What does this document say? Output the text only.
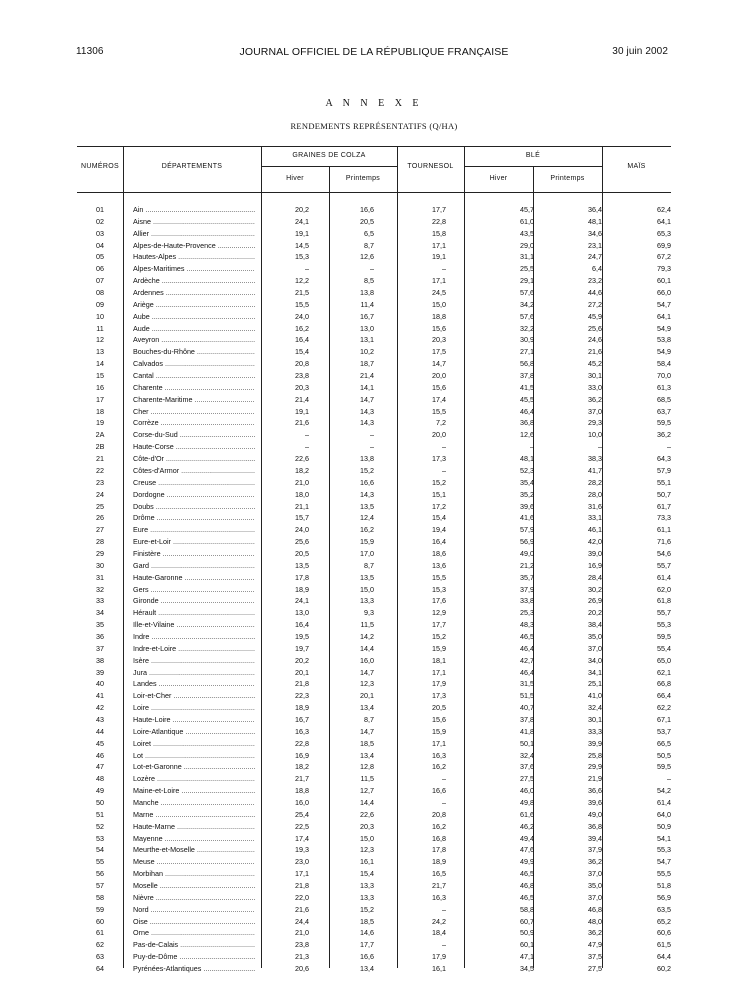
11306	JOURNAL OFFICIEL DE LA RÉPUBLIQUE FRANÇAISE	30 juin 2002
A N N E X E
RENDEMENTS REPRÉSENTATIFS (Q/HA)
NUMÉROS	DÉPARTEMENTS
GRAINES DE COLZA
Hiver	Printemps
TOURNESOL
BLÉ
Hiver	Printemps
MAÏS
01	Ain .....	20,2	16,6	17,7	45,7	36,4	62,4
02	Aisne .....	24,1	20,5	22,8	61,0	48,1	64,1
03	Allier .....	19,1	6,5	15,8	43,5	34,6	65,3
04	Alpes-de-Haute-Provence .....	14,5	8,7	17,1	29,0	23,1	69,9
05	Hautes-Alpes .....	15,3	12,6	19,1	31,1	24,7	67,2
06	Alpes-Maritimes .....	–	–	–	25,5	6,4	79,3
07	Ardèche .....	12,2	8,5	17,1	29,1	23,2	60,1
08	Ardennes .....	21,5	13,8	24,5	57,6	44,6	66,0
09	Ariège .....	15,5	11,4	15,0	34,2	27,2	54,7
10	Aube .....	24,0	16,7	18,8	57,6	45,9	64,1
11	Aude .....	16,2	13,0	15,6	32,2	25,6	54,9
12	Aveyron .....	16,4	13,1	20,3	30,9	24,6	53,8
13	Bouches-du-Rhône .....	15,4	10,2	17,5	27,1	21,6	54,9
14	Calvados .....	20,8	18,7	14,7	56,8	45,2	58,4
15	Cantal .....	23,8	21,4	20,0	37,8	30,1	70,0
16	Charente .....	20,3	14,1	15,6	41,5	33,0	61,3
17	Charente-Maritime .....	21,4	14,7	17,4	45,5	36,2	68,5
18	Cher .....	19,1	14,3	15,5	46,4	37,0	63,7
19	Corrèze .....	21,6	14,3	7,2	36,8	29,3	59,5
2A	Corse-du-Sud .....	–	–	20,0	12,6	10,0	36,2
2B	Haute-Corse .....	–	–	–	–	–	–
21	Côte-d'Or .....	22,6	13,8	17,3	48,1	38,3	64,3
22	Côtes-d'Armor .....	18,2	15,2	–	52,3	41,7	57,9
23	Creuse .....	21,0	16,6	15,2	35,4	28,2	55,1
24	Dordogne .....	18,0	14,3	15,1	35,2	28,0	50,7
25	Doubs .....	21,1	13,5	17,2	39,6	31,6	61,7
26	Drôme .....	15,7	12,4	15,4	41,6	33,1	73,3
27	Eure .....	24,0	16,2	19,4	57,9	46,1	61,1
28	Eure-et-Loir .....	25,6	15,9	16,4	56,9	42,0	71,6
29	Finistère .....	20,5	17,0	18,6	49,0	39,0	54,6
30	Gard .....	13,5	8,7	13,6	21,2	16,9	55,7
31	Haute-Garonne .....	17,8	13,5	15,5	35,7	28,4	61,4
32	Gers .....	18,9	15,0	15,3	37,9	30,2	62,0
33	Gironde .....	24,1	13,3	17,6	33,8	26,9	61,8
34	Hérault .....	13,0	9,3	12,9	25,3	20,2	55,7
35	Ille-et-Vilaine .....	16,4	11,5	17,7	48,3	38,4	55,3
36	Indre .....	19,5	14,2	15,2	46,5	35,0	59,5
37	Indre-et-Loire .....	19,7	14,4	15,9	46,4	37,0	55,4
38	Isère .....	20,2	16,0	18,1	42,7	34,0	65,0
39	Jura .....	20,1	14,7	17,1	46,4	34,1	62,1
40	Landes .....	21,8	12,3	17,9	31,5	25,1	66,8
41	Loir-et-Cher .....	22,3	20,1	17,3	51,5	41,0	66,4
42	Loire .....	18,9	13,4	20,5	40,7	32,4	62,2
43	Haute-Loire .....	16,7	8,7	15,6	37,8	30,1	67,1
44	Loire-Atlantique .....	16,3	14,7	15,9	41,8	33,3	53,7
45	Loiret .....	22,8	18,5	17,1	50,1	39,9	66,5
46	Lot .....	16,9	13,4	16,3	32,4	25,8	50,5
47	Lot-et-Garonne .....	18,2	12,8	16,2	37,6	29,9	59,5
48	Lozère .....	21,7	11,5	–	27,5	21,9	–
49	Maine-et-Loire .....	18,8	12,7	16,6	46,0	36,6	54,2
50	Manche .....	16,0	14,4	–	49,8	39,6	61,4
51	Marne .....	25,4	22,6	20,8	61,6	49,0	64,0
52	Haute-Marne .....	22,5	20,3	16,2	46,2	36,8	50,9
53	Mayenne .....	17,4	15,0	16,8	49,4	39,4	54,1
54	Meurthe-et-Moselle .....	19,3	12,3	17,8	47,6	37,9	55,3
55	Meuse .....	23,0	16,1	18,9	49,9	36,2	54,7
56	Morbihan .....	17,1	15,4	16,5	46,5	37,0	55,5
57	Moselle .....	21,8	13,3	21,7	46,8	35,0	51,8
58	Nièvre .....	22,0	13,3	16,3	46,5	37,0	56,9
59	Nord .....	21,6	15,2	–	58,8	46,8	63,5
60	Oise .....	24,4	18,5	24,2	60,7	48,0	65,2
61	Orne .....	21,0	14,6	18,4	50,9	36,2	60,6
62	Pas-de-Calais .....	23,8	17,7	–	60,1	47,9	61,5
63	Puy-de-Dôme .....	21,3	16,6	17,9	47,1	37,5	64,4
64	Pyrénées-Atlantiques .....	20,6	13,4	16,1	34,5	27,5	60,2
